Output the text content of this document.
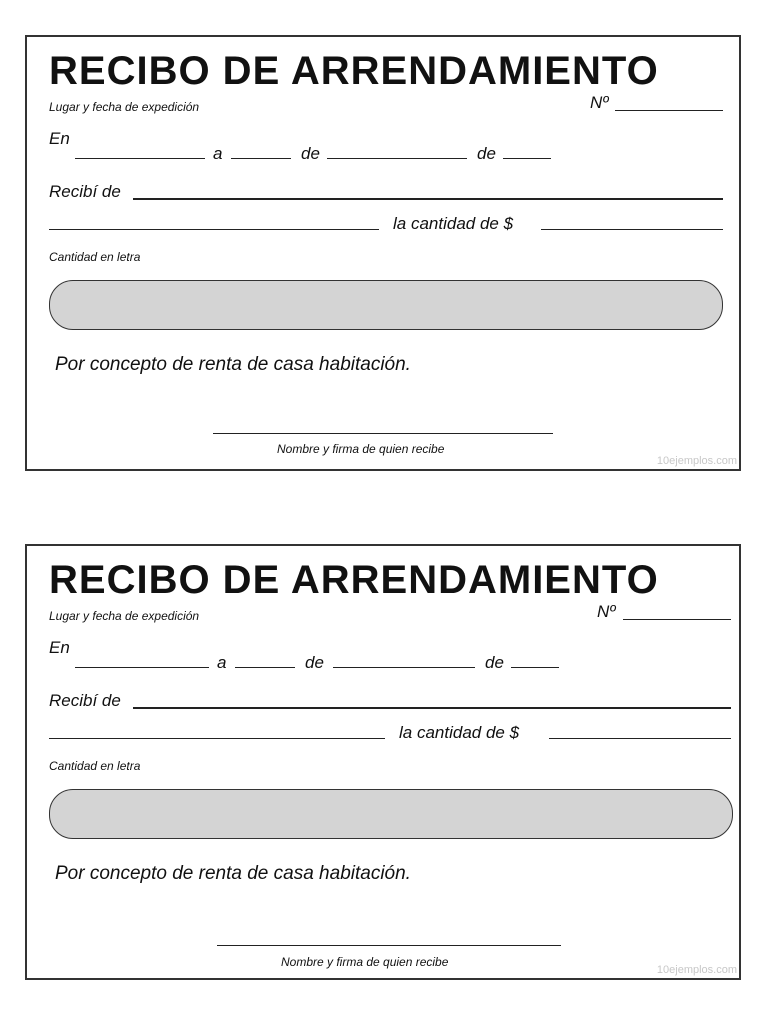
RECIBO DE ARRENDAMIENTO
Lugar y fecha de expedición	Nº
En
a	de	de
Recibí de
la cantidad de $
Cantidad en letra
Por concepto de renta de casa habitación.
Nombre y firma de quien recibe
10ejemplos.com
RECIBO DE ARRENDAMIENTO
Lugar y fecha de expedición	Nº
En
a	de	de
Recibí de
la cantidad de $
Cantidad en letra
Por concepto de renta de casa habitación.
Nombre y firma de quien recibe
10ejemplos.com
